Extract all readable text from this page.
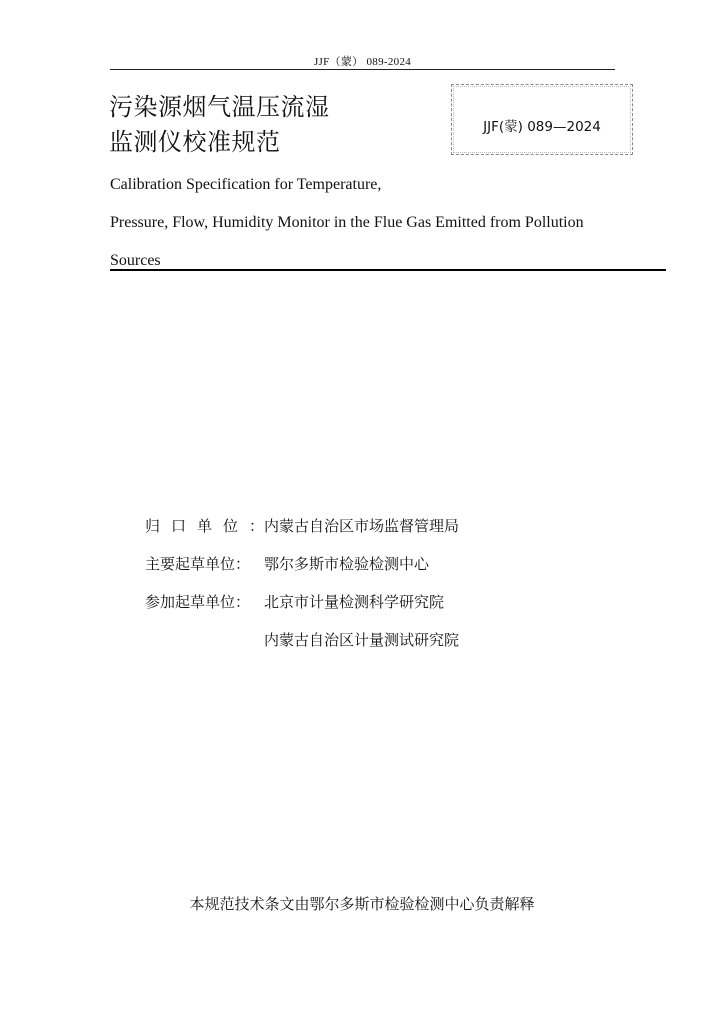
JJF（蒙） 089-2024
污染源烟气温压流湿
监测仪校准规范
JJF(蒙) 089—2024
Calibration Specification for Temperature,
Pressure, Flow, Humidity Monitor in the Flue Gas Emitted from Pollution
Sources
归口单位：
内蒙古自治区市场监督管理局
主要起草单位： 鄂尔多斯市检验检测中心
参加起草单位： 北京市计量检测科学研究院
内蒙古自治区计量测试研究院
本规范技术条文由鄂尔多斯市检验检测中心负责解释
